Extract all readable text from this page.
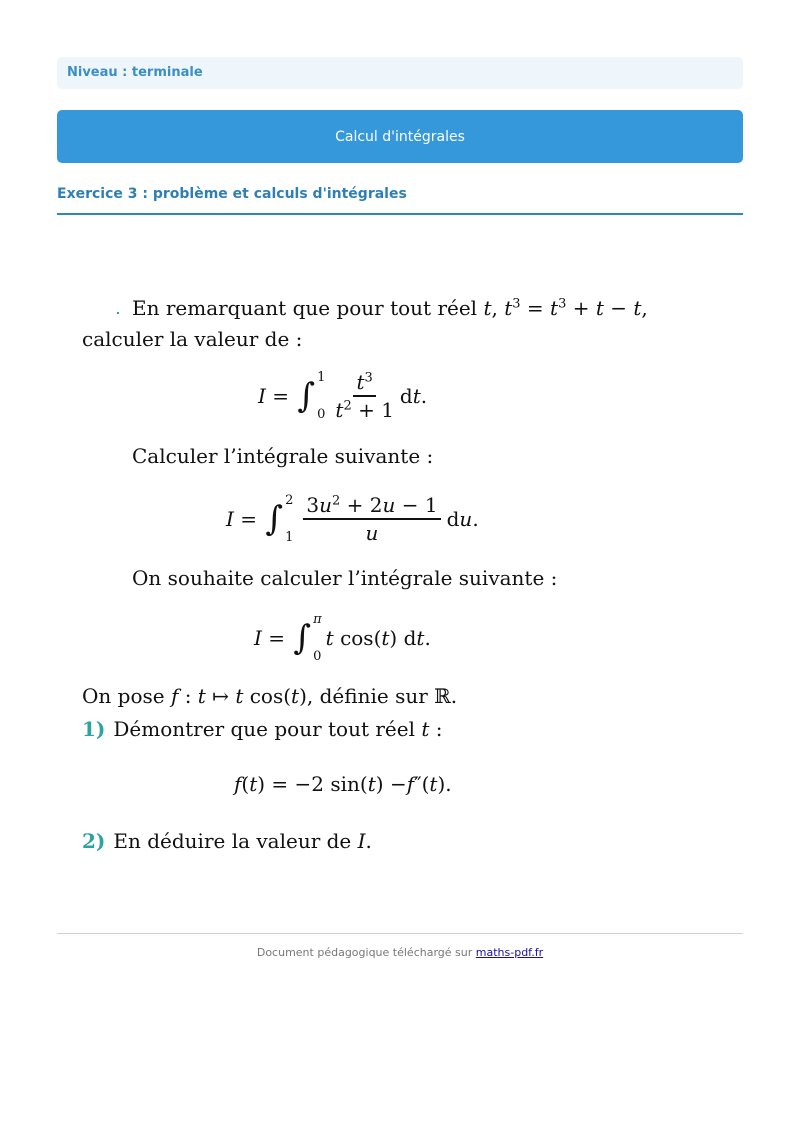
Niveau : terminale
Calcul d'intégrales
Exercice 3 : problème et calculs d'intégrales
En remarquant que pour tout réel t, $t^3 = t^3 + t - t$,
calculer la valeur de :
I = ∫ 1
$0 \frac{t^3}{t^2 + 1}$ d t .
Calculer l’intégrale suivante :
I = ∫ 2
$1 \frac{3u^2 + 2u - 1}{u}$ d u .
On souhaite calculer l’intégrale suivante :
I = ∫ π
0
t
cos( t )
d t .
On pose f : t ↦ t cos(t), définie sur ℝ.
1) Démontrer que pour tout réel t :
f ( t ) = −2 sin( t ) − f ″( t ).
2) En déduire la valeur de I.
Document pédagogique téléchargé sur maths-pdf.fr
